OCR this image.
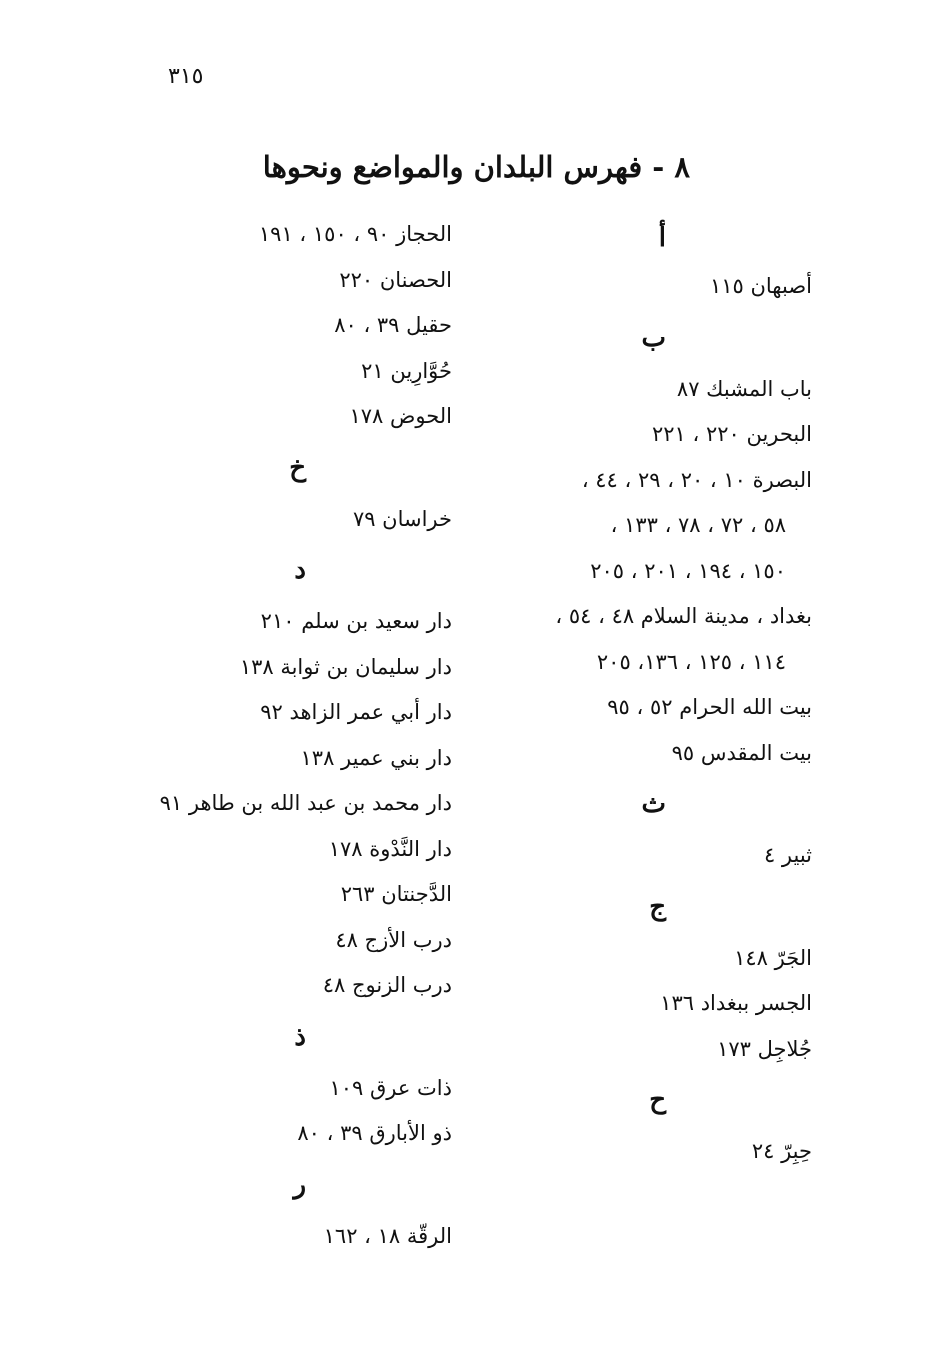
٣١٥
٨ - فهرس البلدان والمواضع ونحوها
أ
أصبهان ١١٥
ب
باب المشبك ٨٧
البحرين ٢٢٠ ، ٢٢١
البصرة ١٠ ، ٢٠ ، ٢٩ ، ٤٤ ،
٥٨ ، ٧٢ ، ٧٨ ، ١٣٣ ،
١٥٠ ، ١٩٤ ، ٢٠١ ، ٢٠٥
بغداد ، مدينة السلام ٤٨ ، ٥٤ ،
١١٤ ، ١٢٥ ، ١٣٦، ٢٠٥
بيت الله الحرام ٥٢ ، ٩٥
بيت المقدس ٩٥
ث
ثبير ٤
ج
الجَرّ ١٤٨
الجسر ببغداد ١٣٦
جُلاجِل ١٧٣
ح
حِبِرّ ٢٤
الحجاز ٩٠ ، ١٥٠ ، ١٩١
الحصنان ٢٢٠
حقيل ٣٩ ، ٨٠
حُوَّارِين ٢١
الحوض ١٧٨
خ
خراسان ٧٩
د
دار سعيد بن سلم ٢١٠
دار سليمان بن ثوابة ١٣٨
دار أبي عمر الزاهد ٩٢
دار بني عمير ١٣٨
دار محمد بن عبد الله بن طاهر ٩١
دار النَّدْوة ١٧٨
الدَّجنتان ٢٦٣
درب الأزج ٤٨
درب الزنوج ٤٨
ذ
ذات عرق ١٠٩
ذو الأبارق ٣٩ ، ٨٠
ر
الرقّة ١٨ ، ١٦٢
